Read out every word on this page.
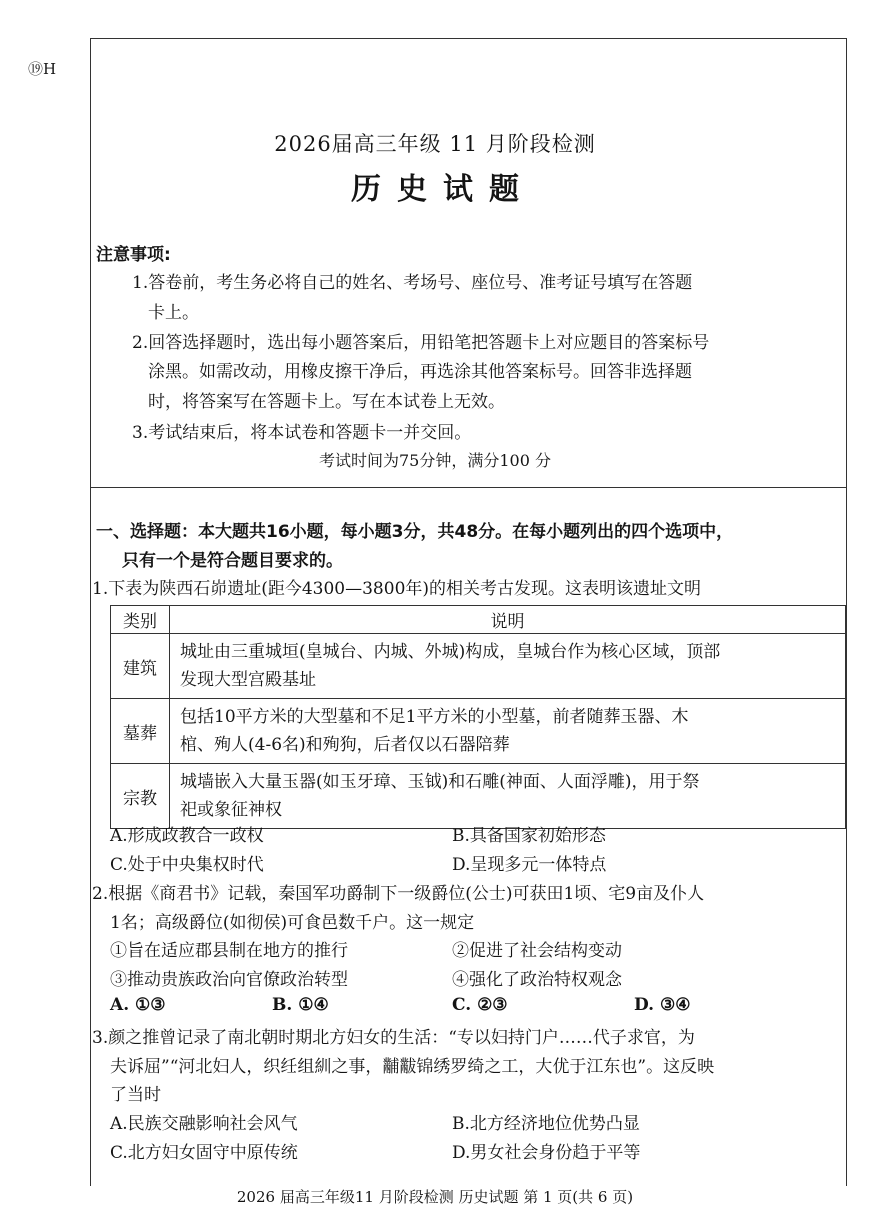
⑲H
2026届高三年级 11 月阶段检测
历史试题
注意事项:
1.答卷前，考生务必将自己的姓名、考场号、座位号、准考证号填写在答题
卡上。
2.回答选择题时，选出每小题答案后，用铅笔把答题卡上对应题目的答案标号
涂黑。如需改动，用橡皮擦干净后，再选涂其他答案标号。回答非选择题
时，将答案写在答题卡上。写在本试卷上无效。
3.考试结束后，将本试卷和答题卡一并交回。
考试时间为75分钟，满分100 分
一、选择题：本大题共16小题，每小题3分，共48分。在每小题列出的四个选项中，
只有一个是符合题目要求的。
1.下表为陕西石峁遗址(距今4300—3800年)的相关考古发现。这表明该遗址文明
类别	说明
建筑	城址由三重城垣(皇城台、内城、外城)构成，皇城台作为核心区域，顶部
发现大型宫殿基址

墓葬	包括10平方米的大型墓和不足1平方米的小型墓，前者随葬玉器、木
棺、殉人(4-6名)和殉狗，后者仅以石器陪葬

宗教	城墙嵌入大量玉器(如玉牙璋、玉钺)和石雕(神面、人面浮雕)，用于祭
祀或象征神权
A.形成政教合一政权	B.具备国家初始形态
C.处于中央集权时代	D.呈现多元一体特点
2.根据《商君书》记载，秦国军功爵制下一级爵位(公士)可获田1顷、宅9亩及仆人
1名；高级爵位(如彻侯)可食邑数千户。这一规定
①旨在适应郡县制在地方的推行	②促进了社会结构变动
③推动贵族政治向官僚政治转型	④强化了政治特权观念
A. ①③	B. ①④	C. ②③	D. ③④
3.颜之推曾记录了南北朝时期北方妇女的生活：“专以妇持门户……代子求官，为
夫诉屈”“河北妇人，织纴组紃之事，黼黻锦绣罗绮之工，大优于江东也”。这反映
了当时
A.民族交融影响社会风气	B.北方经济地位优势凸显
C.北方妇女固守中原传统	D.男女社会身份趋于平等
2026 届高三年级11 月阶段检测 历史试题 第 1 页(共 6 页)
